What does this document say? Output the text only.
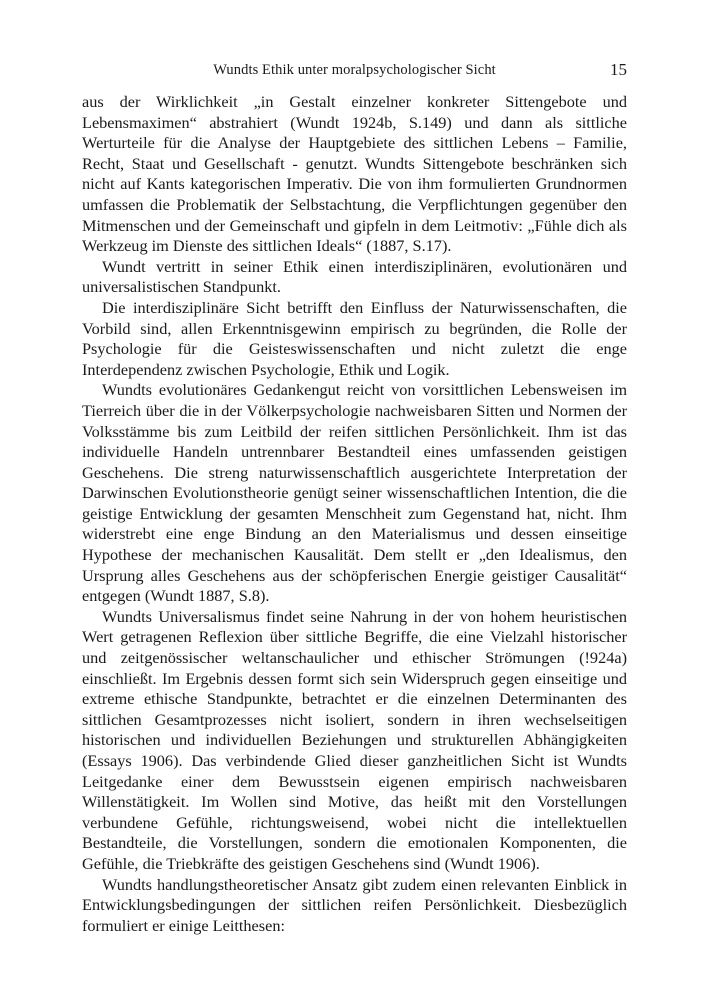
Wundts Ethik unter moralpsychologischer Sicht	15

aus der Wirklichkeit „in Gestalt einzelner konkreter Sittengebote und Lebensmaximen“ abstrahiert (Wundt 1924b, S.149) und dann als sittliche Werturteile für die Analyse der Hauptgebiete des sittlichen Lebens – Familie, Recht, Staat und Gesellschaft - genutzt. Wundts Sittengebote beschränken sich nicht auf Kants kategorischen Imperativ. Die von ihm formulierten Grundnormen umfassen die Problematik der Selbstachtung, die Verpflichtungen gegenüber den Mitmenschen und der Gemeinschaft und gipfeln in dem Leitmotiv: „Fühle dich als Werkzeug im Dienste des sittlichen Ideals“ (1887, S.17).

Wundt vertritt in seiner Ethik einen interdisziplinären, evolutionären und universalistischen Standpunkt.

Die interdisziplinäre Sicht betrifft den Einfluss der Naturwissenschaften, die Vorbild sind, allen Erkenntnisgewinn empirisch zu begründen, die Rolle der Psychologie für die Geisteswissenschaften und nicht zuletzt die enge Interdependenz zwischen Psychologie, Ethik und Logik.

Wundts evolutionäres Gedankengut reicht von vorsittlichen Lebensweisen im Tierreich über die in der Völkerpsychologie nachweisbaren Sitten und Normen der Volksstämme bis zum Leitbild der reifen sittlichen Persönlichkeit. Ihm ist das individuelle Handeln untrennbarer Bestandteil eines umfassenden geistigen Geschehens. Die streng naturwissenschaftlich ausgerichtete Interpretation der Darwinschen Evolutionstheorie genügt seiner wissenschaftlichen Intention, die die geistige Entwicklung der gesamten Menschheit zum Gegenstand hat, nicht. Ihm widerstrebt eine enge Bindung an den Materialismus und dessen einseitige Hypothese der mechanischen Kausalität. Dem stellt er „den Idealismus, den Ursprung alles Geschehens aus der schöpferischen Energie geistiger Causalität“ entgegen (Wundt 1887, S.8).

Wundts Universalismus findet seine Nahrung in der von hohem heuristischen Wert getragenen Reflexion über sittliche Begriffe, die eine Vielzahl historischer und zeitgenössischer weltanschaulicher und ethischer Strömungen (!924a) einschließt. Im Ergebnis dessen formt sich sein Widerspruch gegen einseitige und extreme ethische Standpunkte, betrachtet er die einzelnen Determinanten des sittlichen Gesamtprozesses nicht isoliert, sondern in ihren wechselseitigen historischen und individuellen Beziehungen und strukturellen Abhängigkeiten (Essays 1906). Das verbindende Glied dieser ganzheitlichen Sicht ist Wundts Leitgedanke einer dem Bewusstsein eigenen empirisch nachweisbaren Willenstätigkeit. Im Wollen sind Motive, das heißt mit den Vorstellungen verbundene Gefühle, richtungsweisend, wobei nicht die intellektuellen Bestandteile, die Vorstellungen, sondern die emotionalen Komponenten, die Gefühle, die Triebkräfte des geistigen Geschehens sind (Wundt 1906).

Wundts handlungstheoretischer Ansatz gibt zudem einen relevanten Einblick in Entwicklungsbedingungen der sittlichen reifen Persönlichkeit. Diesbezüglich formuliert er einige Leitthesen:
